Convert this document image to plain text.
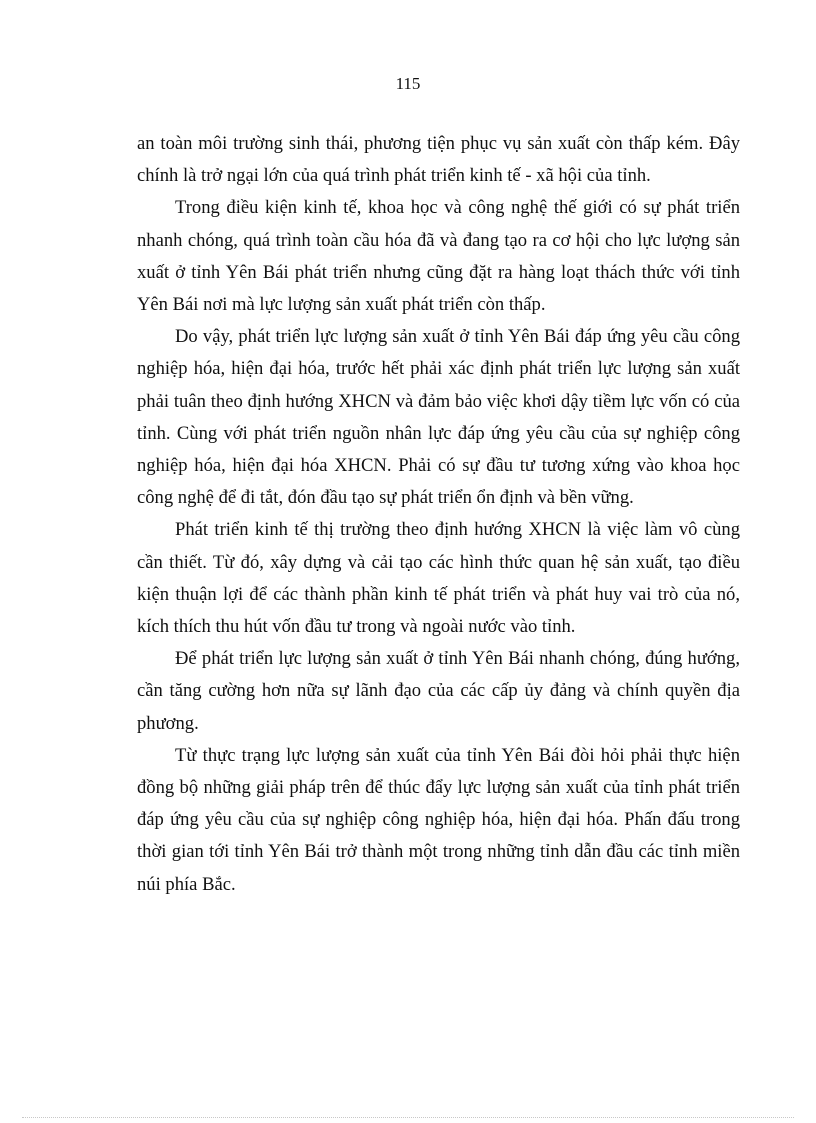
115

an toàn môi trường sinh thái, phương tiện phục vụ sản xuất còn thấp kém. Đây chính là trở ngại lớn của quá trình phát triển kinh tế - xã hội của tỉnh.

Trong điều kiện kinh tế, khoa học và công nghệ thế giới có sự phát triển nhanh chóng, quá trình toàn cầu hóa đã và đang tạo ra cơ hội cho lực lượng sản xuất ở tỉnh Yên Bái phát triển nhưng cũng đặt ra hàng loạt thách thức với tỉnh Yên Bái nơi mà lực lượng sản xuất phát triển còn thấp.

Do vậy, phát triển lực lượng sản xuất ở tỉnh Yên Bái đáp ứng yêu cầu công nghiệp hóa, hiện đại hóa, trước hết phải xác định phát triển lực lượng sản xuất phải tuân theo định hướng XHCN và đảm bảo việc khơi dậy tiềm lực vốn có của tỉnh. Cùng với phát triển nguồn nhân lực đáp ứng yêu cầu của sự nghiệp công nghiệp hóa, hiện đại hóa XHCN. Phải có sự đầu tư tương xứng vào khoa học công nghệ để đi tắt, đón đầu tạo sự phát triển ổn định và bền vững.

Phát triển kinh tế thị trường theo định hướng XHCN là việc làm vô cùng cần thiết. Từ đó, xây dựng và cải tạo các hình thức quan hệ sản xuất, tạo điều kiện thuận lợi để các thành phần kinh tế phát triển và phát huy vai trò của nó, kích thích thu hút vốn đầu tư trong và ngoài nước vào tỉnh.

Để phát triển lực lượng sản xuất ở tỉnh Yên Bái nhanh chóng, đúng hướng, cần tăng cường hơn nữa sự lãnh đạo của các cấp ủy đảng và chính quyền địa phương.

Từ thực trạng lực lượng sản xuất của tỉnh Yên Bái đòi hỏi phải thực hiện đồng bộ những giải pháp trên để thúc đẩy lực lượng sản xuất của tỉnh phát triển đáp ứng yêu cầu của sự nghiệp công nghiệp hóa, hiện đại hóa. Phấn đấu trong thời gian tới tỉnh Yên Bái trở thành một trong những tỉnh dẫn đầu các tỉnh miền núi phía Bắc.
